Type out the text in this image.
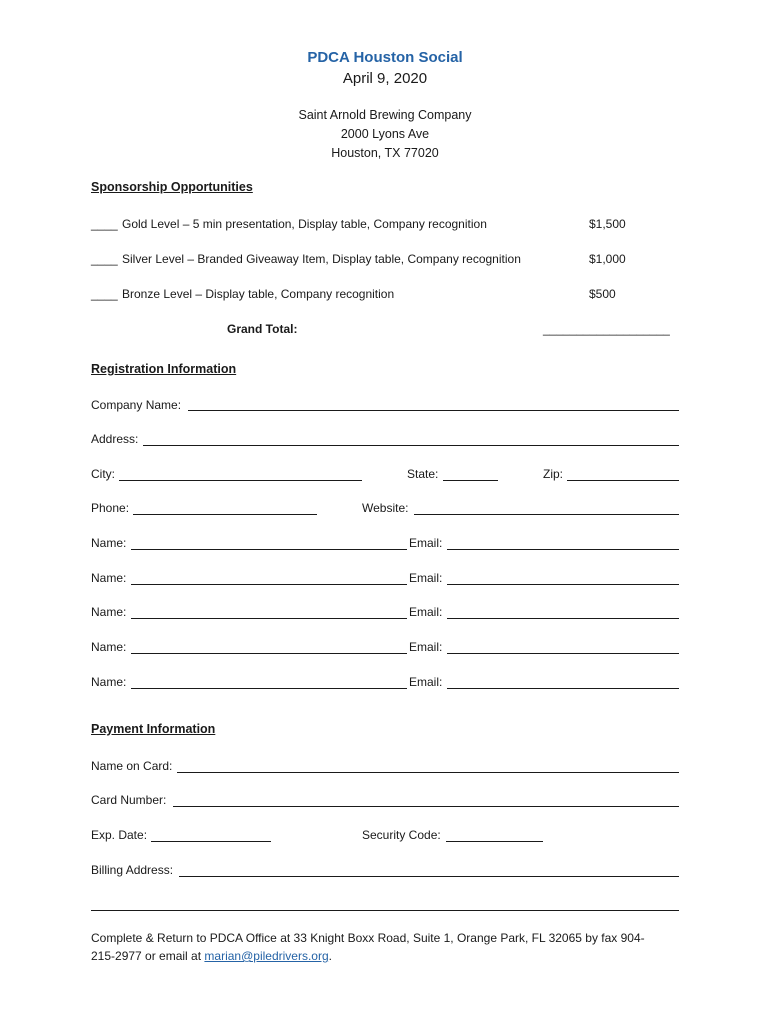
PDCA Houston Social
April 9, 2020
Saint Arnold Brewing Company
2000 Lyons Ave
Houston, TX 77020
Sponsorship Opportunities
____ Gold Level – 5 min presentation, Display table, Company recognition	$1,500
____ Silver Level – Branded Giveaway Item, Display table, Company recognition	$1,000
____ Bronze Level – Display table, Company recognition	$500
Grand Total:	___________________
Registration Information
Company Name:
Address:
City:	State:	Zip:
Phone:	Website:
Name:	Email:
Name:	Email:
Name:	Email:
Name:	Email:
Name:	Email:
Payment Information
Name on Card:
Card Number:
Exp. Date:	Security Code:
Billing Address:
Complete & Return to PDCA Office at 33 Knight Boxx Road, Suite 1, Orange Park, FL 32065 by fax 904-
215-2977 or email at marian@piledrivers.org.
